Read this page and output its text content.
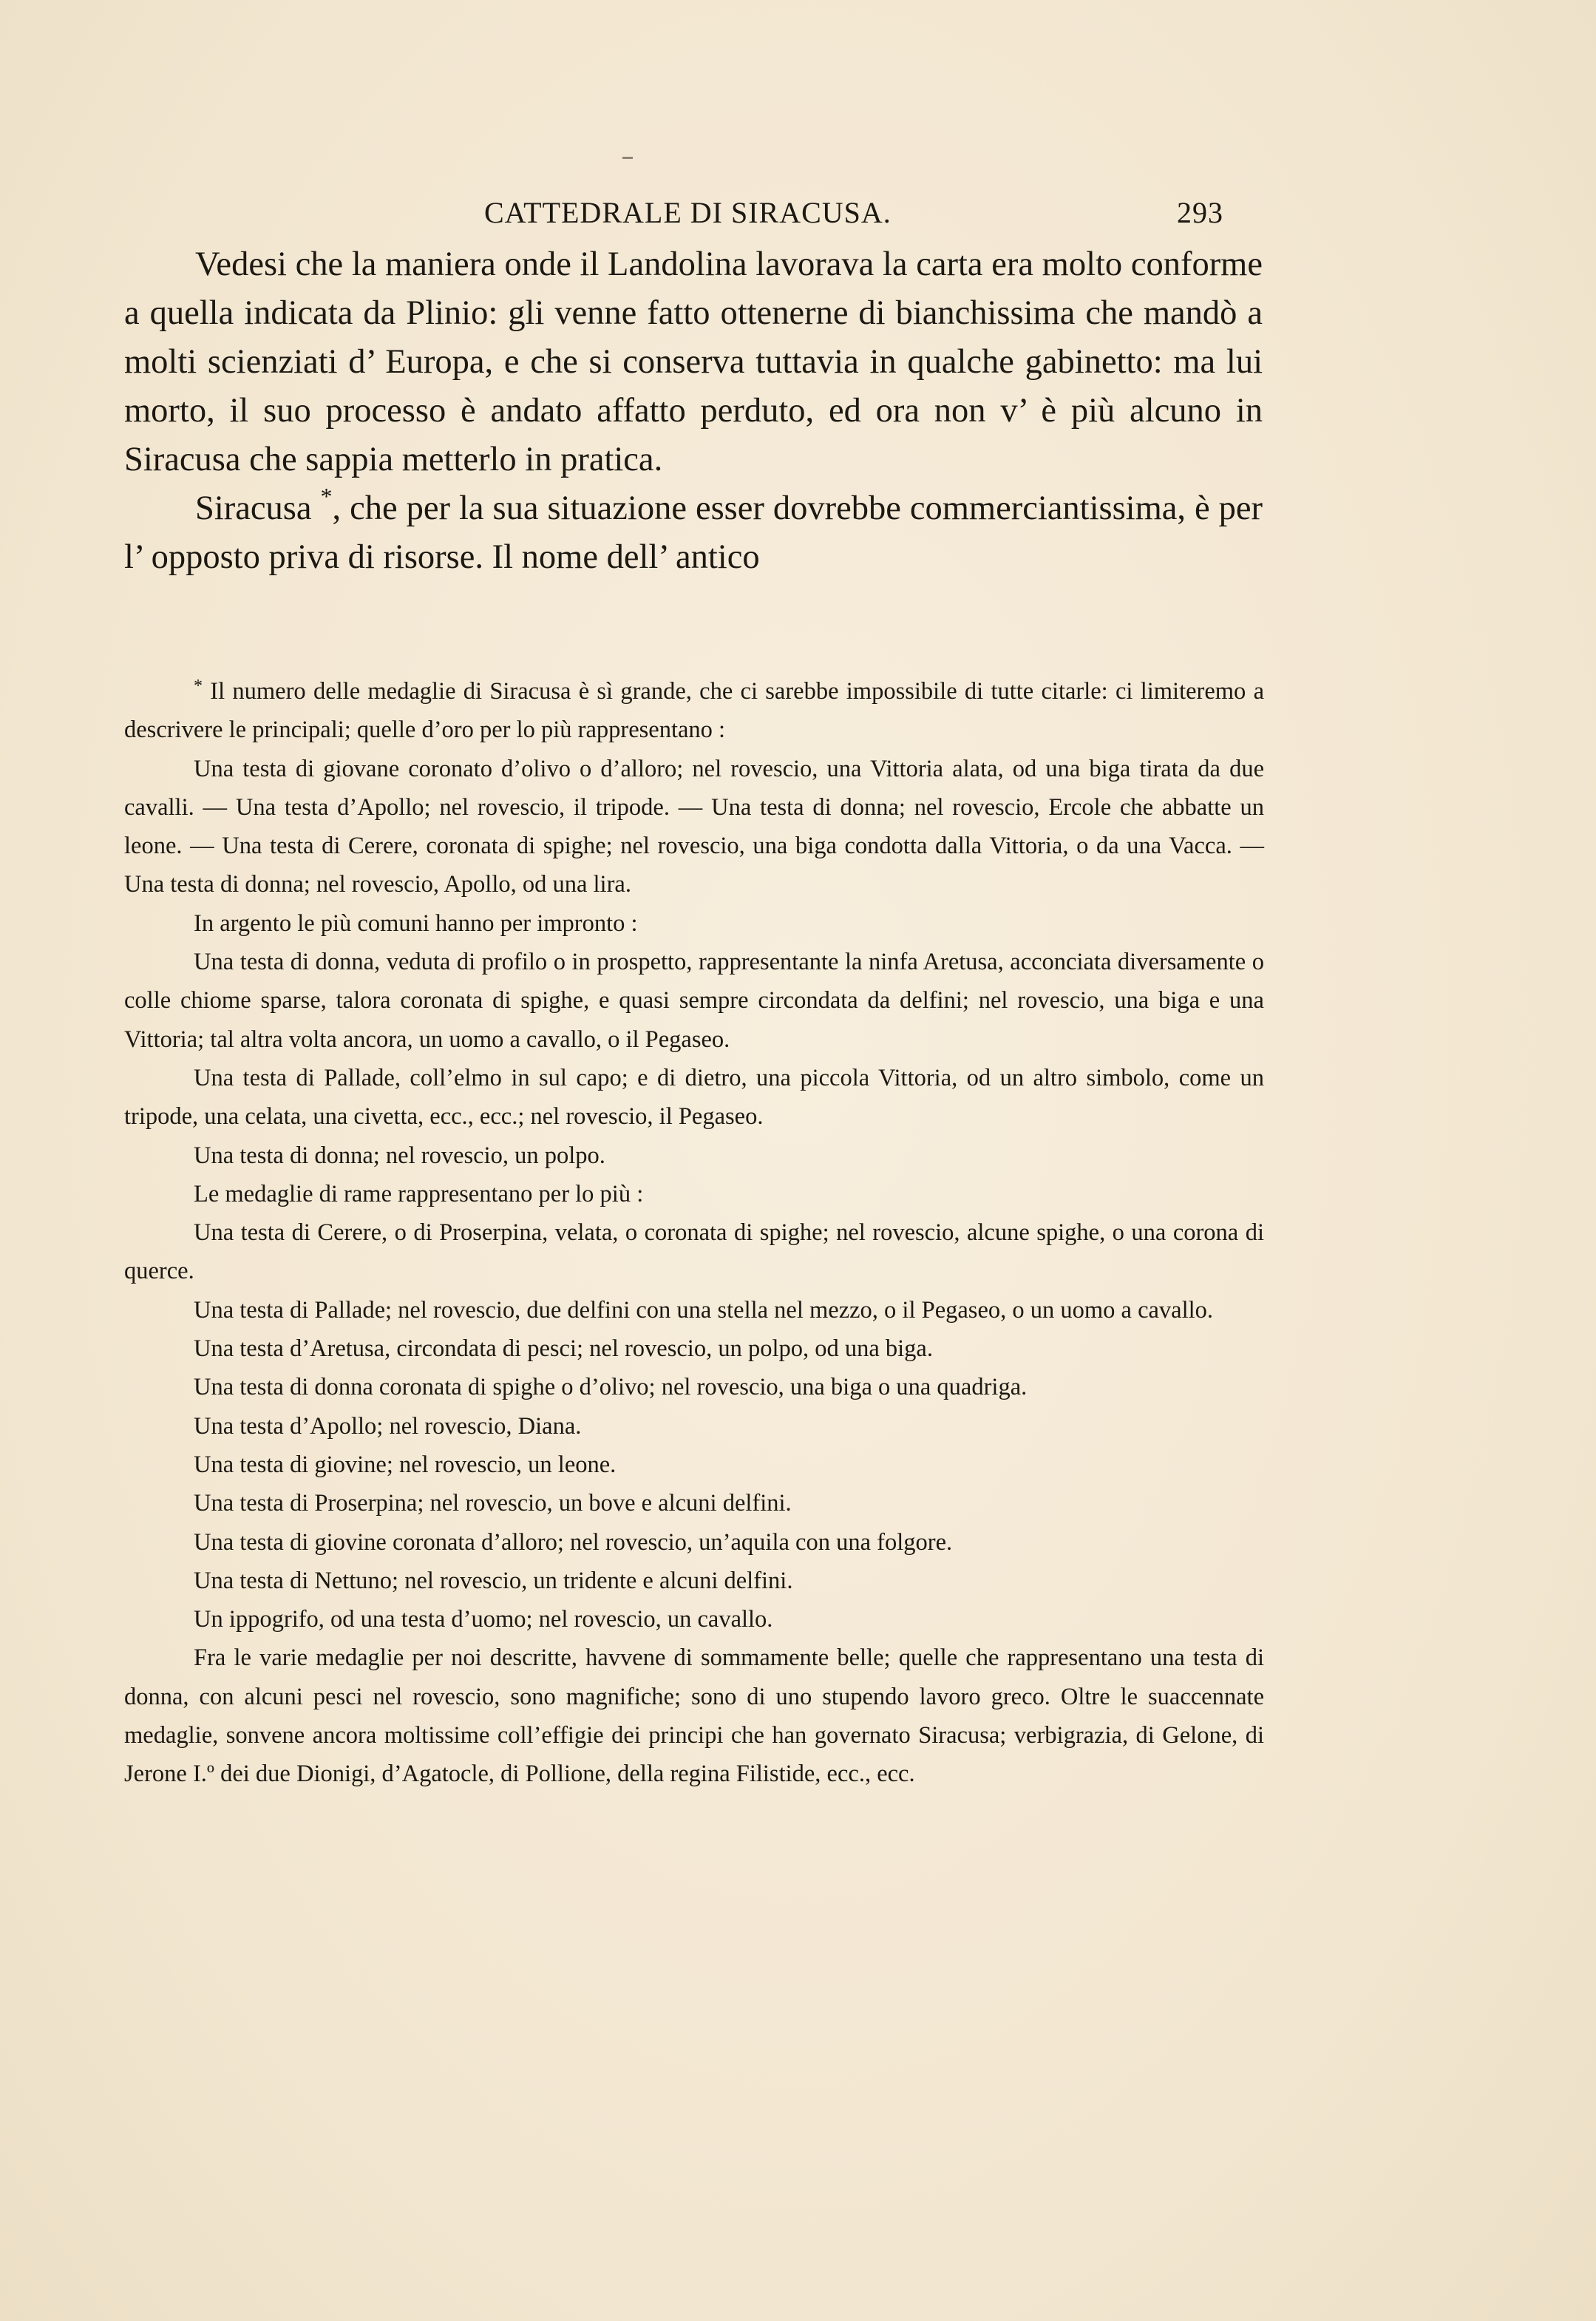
CATTEDRALE DI SIRACUSA.	293

Vedesi che la maniera onde il Landolina lavorava la carta era molto conforme a quella indicata da Plinio: gli venne fatto ottenerne di bianchissima che mandò a molti scienziati d’ Europa, e che si conserva tuttavia in qualche gabinetto: ma lui morto, il suo processo è andato affatto perduto, ed ora non v’ è più alcuno in Siracusa che sappia metterlo in pratica.

Siracusa *, che per la sua situazione esser dovrebbe commerciantissima, è per l’ opposto priva di risorse. Il nome dell’ antico

* Il numero delle medaglie di Siracusa è sì grande, che ci sarebbe impossibile di tutte citarle: ci limiteremo a descrivere le principali; quelle d’oro per lo più rappresentano :

Una testa di giovane coronato d’olivo o d’alloro; nel rovescio, una Vittoria alata, od una biga tirata da due cavalli. — Una testa d’Apollo; nel rovescio, il tripode. — Una testa di donna; nel rovescio, Ercole che abbatte un leone. — Una testa di Cerere, coronata di spighe; nel rovescio, una biga condotta dalla Vittoria, o da una Vacca. — Una testa di donna; nel rovescio, Apollo, od una lira.

In argento le più comuni hanno per impronto :

Una testa di donna, veduta di profilo o in prospetto, rappresentante la ninfa Aretusa, acconciata diversamente o colle chiome sparse, talora coronata di spighe, e quasi sempre circondata da delfini; nel rovescio, una biga e una Vittoria; tal altra volta ancora, un uomo a cavallo, o il Pegaseo.

Una testa di Pallade, coll’elmo in sul capo; e di dietro, una piccola Vittoria, od un altro simbolo, come un tripode, una celata, una civetta, ecc., ecc.; nel rovescio, il Pegaseo.

Una testa di donna; nel rovescio, un polpo.

Le medaglie di rame rappresentano per lo più :

Una testa di Cerere, o di Proserpina, velata, o coronata di spighe; nel rovescio, alcune spighe, o una corona di querce.

Una testa di Pallade; nel rovescio, due delfini con una stella nel mezzo, o il Pegaseo, o un uomo a cavallo.

Una testa d’Aretusa, circondata di pesci; nel rovescio, un polpo, od una biga.

Una testa di donna coronata di spighe o d’olivo; nel rovescio, una biga o una quadriga.

Una testa d’Apollo; nel rovescio, Diana.

Una testa di giovine; nel rovescio, un leone.

Una testa di Proserpina; nel rovescio, un bove e alcuni delfini.

Una testa di giovine coronata d’alloro; nel rovescio, un’aquila con una folgore.

Una testa di Nettuno; nel rovescio, un tridente e alcuni delfini.

Un ippogrifo, od una testa d’uomo; nel rovescio, un cavallo.

Fra le varie medaglie per noi descritte, havvene di sommamente belle; quelle che rappresentano una testa di donna, con alcuni pesci nel rovescio, sono magnifiche; sono di uno stupendo lavoro greco. Oltre le suaccennate medaglie, sonvene ancora moltissime coll’effigie dei principi che han governato Siracusa; verbigrazia, di Gelone, di Jerone I.º dei due Dionigi, d’Agatocle, di Pollione, della regina Filistide, ecc., ecc.
